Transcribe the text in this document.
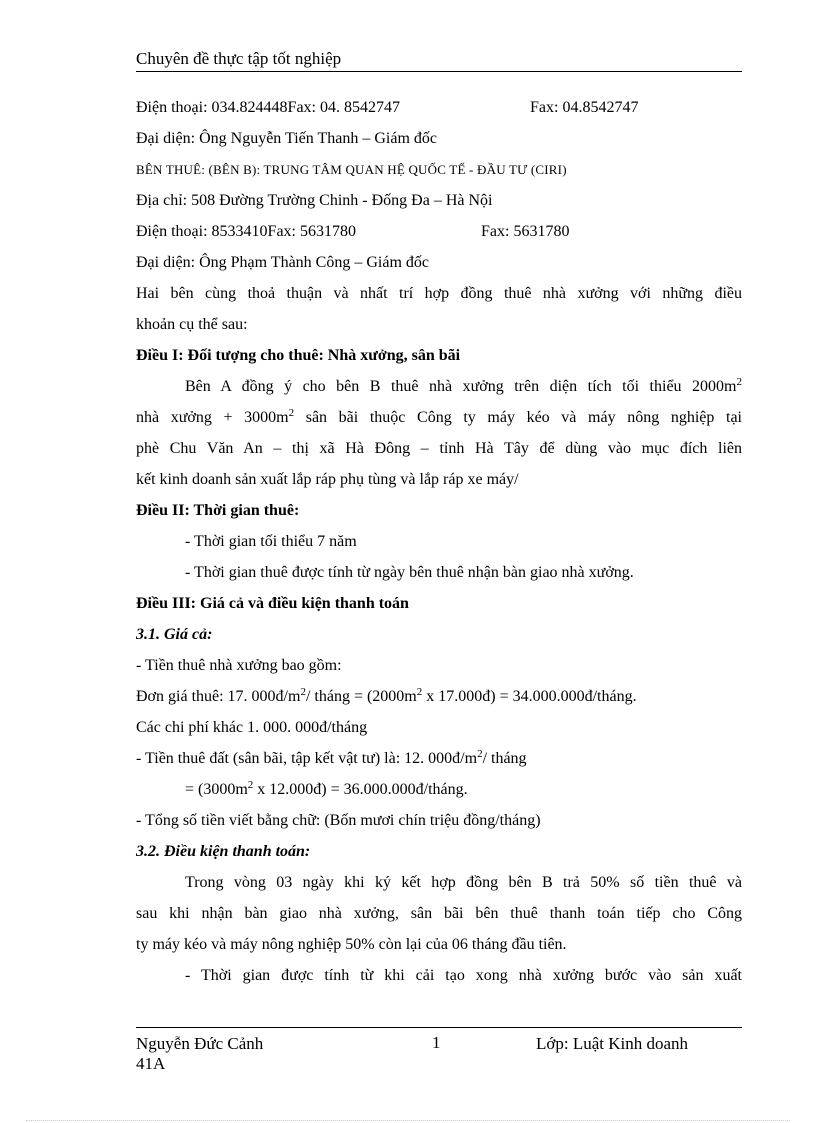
Chuyên đề thực tập tốt nghiệp
Điện thoại: 034.824448Fax: 04. 8542747	Fax: 04.8542747
Đại diện: Ông Nguyễn Tiến Thanh – Giám đốc
BÊN THUÊ: (BÊN B): TRUNG TÂM QUAN HỆ QUỐC TẾ - ĐẦU TƯ (CIRI)
Địa chỉ: 508 Đường Trường Chinh - Đống Đa – Hà Nội
Điện thoại: 8533410Fax: 5631780	Fax: 5631780
Đại diện: Ông Phạm Thành Công – Giám đốc
Hai bên cùng thoả thuận và nhất trí hợp đồng thuê nhà xưởng với những điều
khoản cụ thể sau:
Điều I: Đối tượng cho thuê: Nhà xưởng, sân bãi
Bên A đồng ý cho bên B thuê nhà xưởng trên diện tích tối thiểu $2000m^2$
nhà xưởng + $3000m^2$ sân bãi thuộc Công ty máy kéo và máy nông nghiệp tại
phè Chu Văn An – thị xã Hà Đông – tỉnh Hà Tây để dùng vào mục đích liên
kết kinh doanh sản xuất lắp ráp phụ tùng và lắp ráp xe máy/
Điều II: Thời gian thuê:
- Thời gian tối thiểu 7 năm
- Thời gian thuê được tính từ ngày bên thuê nhận bàn giao nhà xưởng.
Điều III: Giá cả và điều kiện thanh toán
3.1. Giá cả:
- Tiền thuê nhà xưởng bao gồm:
Đơn giá thuê: 17. $000đ/m^2/$ tháng = ($2000m^2$ x 17.000đ) = 34.000.000đ/tháng.
Các chi phí khác 1. 000. 000đ/tháng
- Tiền thuê đất (sân bãi, tập kết vật tư) là: 12. $000đ/m^2/$ tháng
= ($3000m^2$ x 12.000đ) = 36.000.000đ/tháng.
- Tổng số tiền viết bằng chữ: (Bốn mươi chín triệu đồng/tháng)
3.2. Điều kiện thanh toán:
Trong vòng 03 ngày khi ký kết hợp đồng bên B trả 50% số tiền thuê và
sau khi nhận bàn giao nhà xưởng, sân bãi bên thuê thanh toán tiếp cho Công
ty máy kéo và máy nông nghiệp 50% còn lại của 06 tháng đầu tiên.
- Thời gian được tính từ khi cải tạo xong nhà xưởng bước vào sản xuất
Nguyễn Đức Cảnh 41A
1	Lớp: Luật Kinh doanh
